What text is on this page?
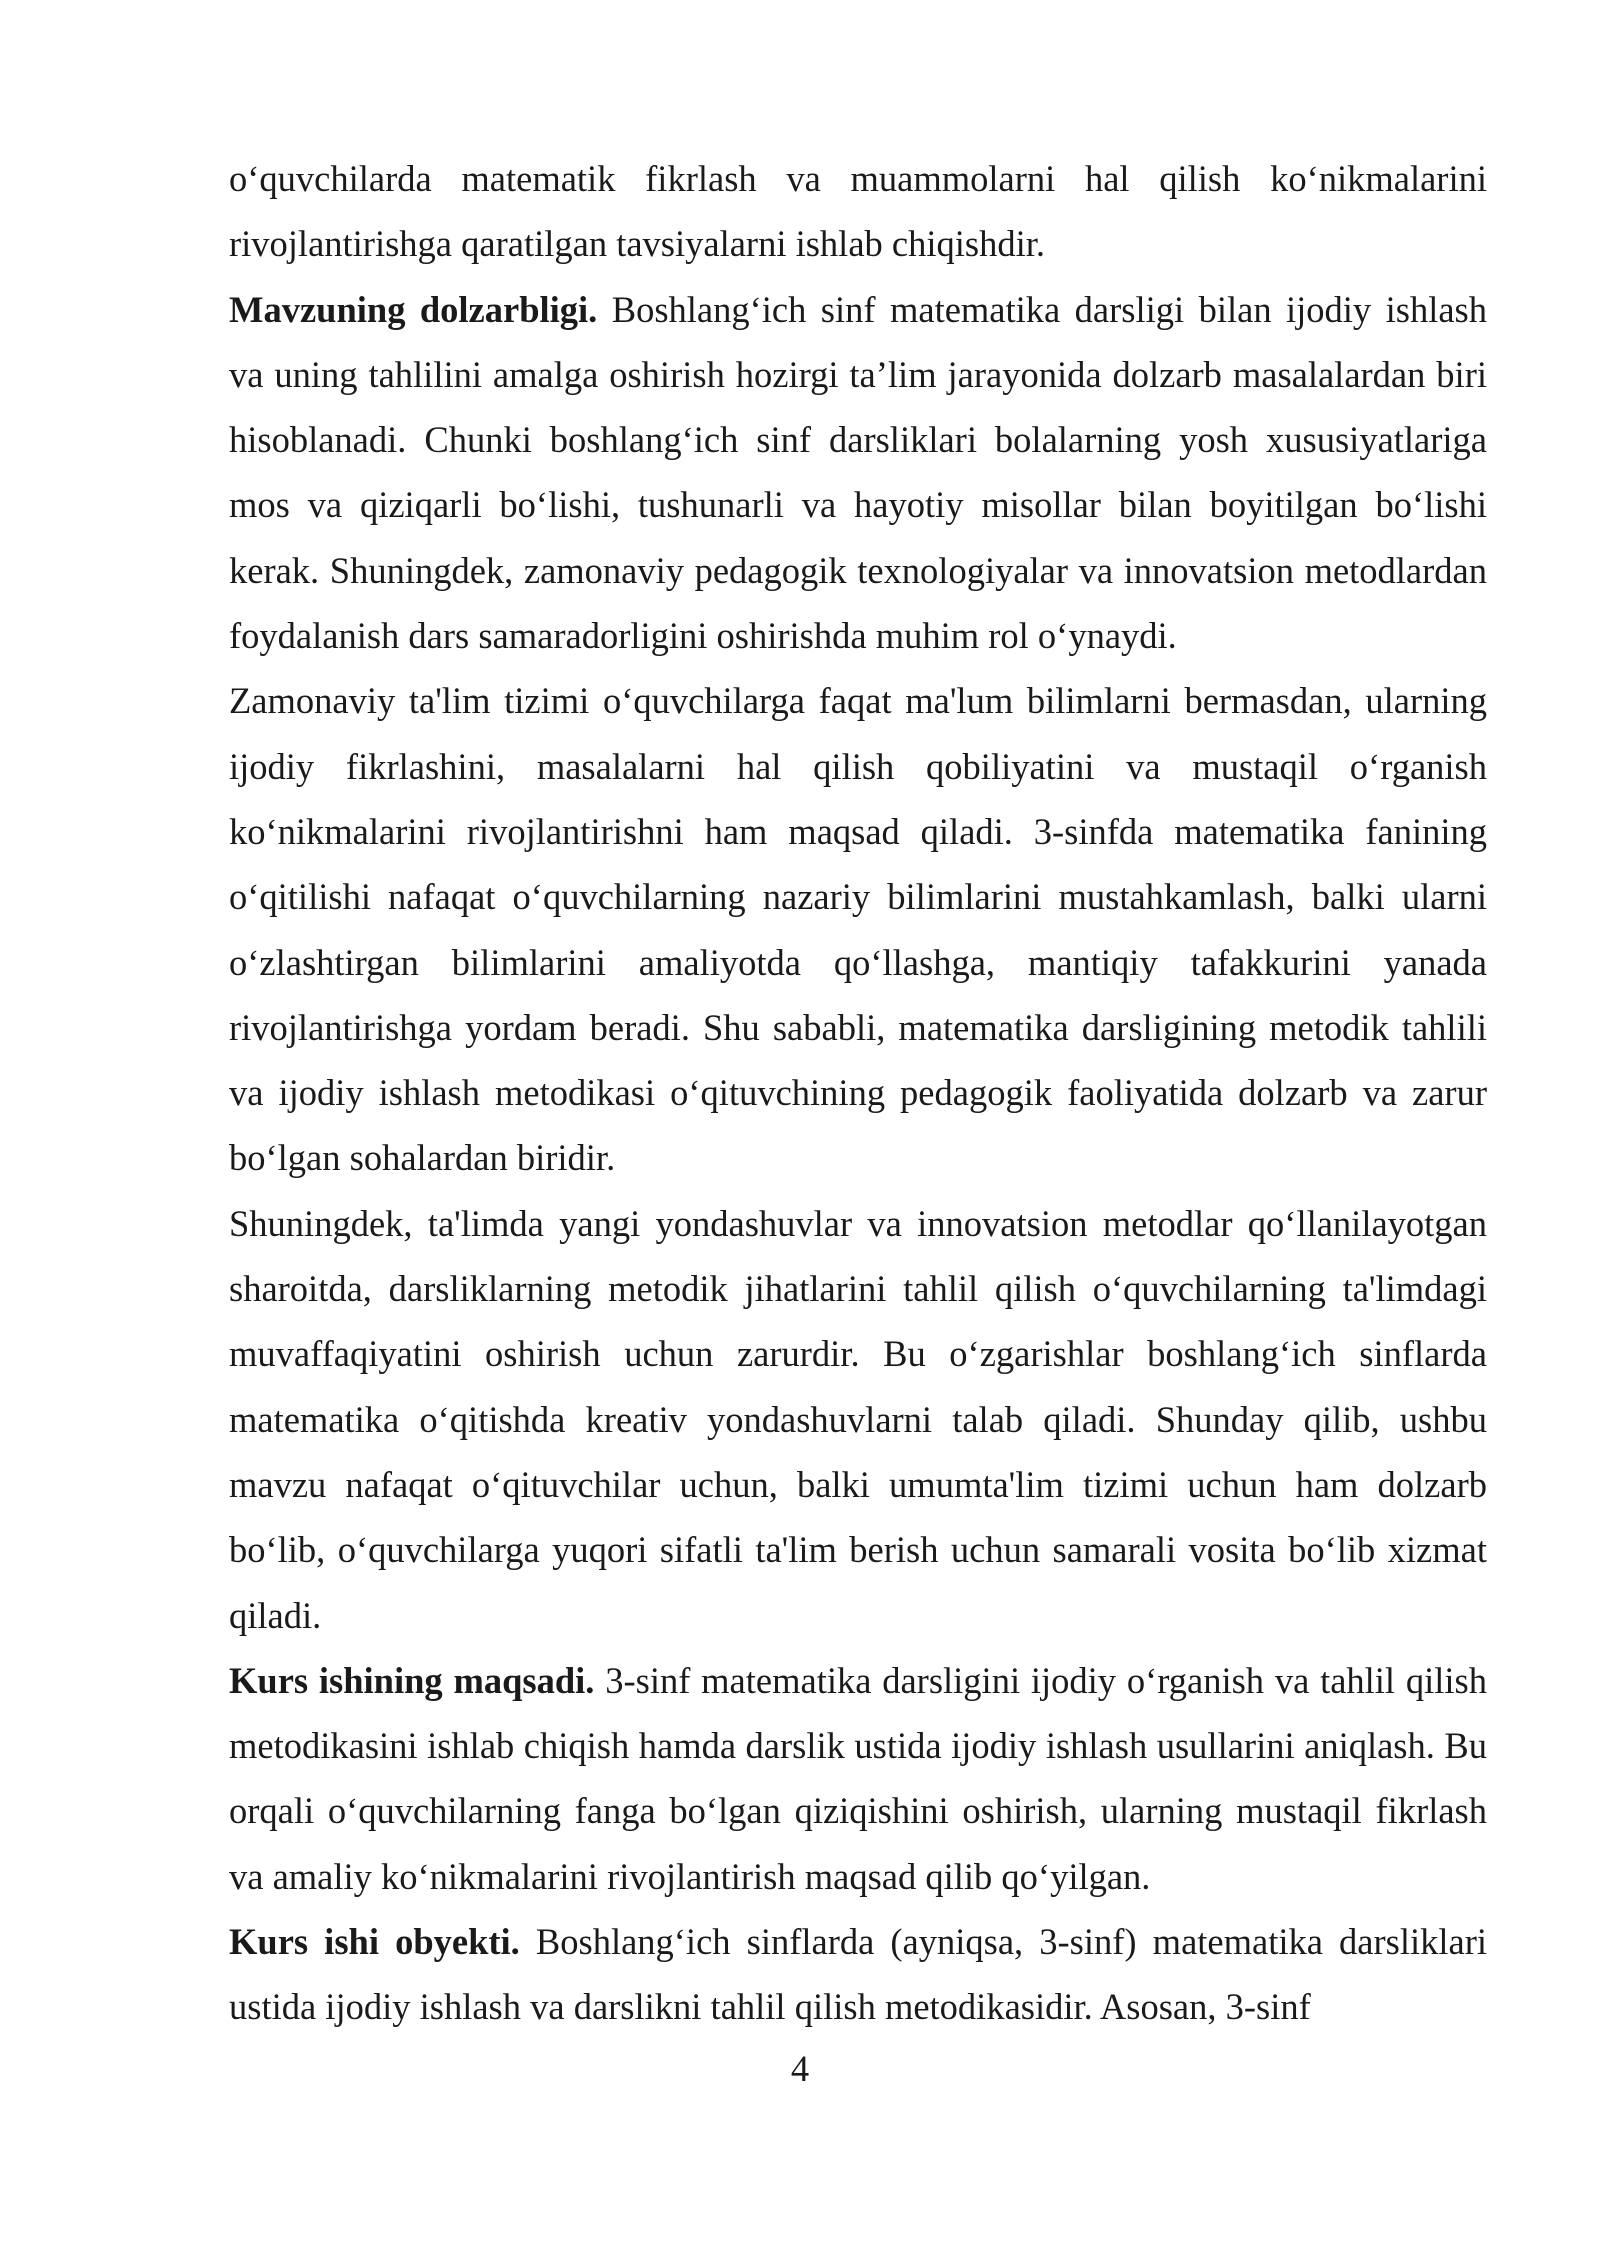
o‘quvchilarda matematik fikrlash va muammolarni hal qilish ko‘nikmalarini rivojlantirishga qaratilgan tavsiyalarni ishlab chiqishdir.

Mavzuning dolzarbligi. Boshlang‘ich sinf matematika darsligi bilan ijodiy ishlash va uning tahlilini amalga oshirish hozirgi ta’lim jarayonida dolzarb masalalardan biri hisoblanadi. Chunki boshlang‘ich sinf darsliklari bolalarning yosh xususiyatlariga mos va qiziqarli bo‘lishi, tushunarli va hayotiy misollar bilan boyitilgan bo‘lishi kerak. Shuningdek, zamonaviy pedagogik texnologiyalar va innovatsion metodlardan foydalanish dars samaradorligini oshirishda muhim rol o‘ynaydi.

Zamonaviy ta'lim tizimi o‘quvchilarga faqat ma'lum bilimlarni bermasdan, ularning ijodiy fikrlashini, masalalarni hal qilish qobiliyatini va mustaqil o‘rganish ko‘nikmalarini rivojlantirishni ham maqsad qiladi. 3-sinfda matematika fanining o‘qitilishi nafaqat o‘quvchilarning nazariy bilimlarini mustahkamlash, balki ularni o‘zlashtirgan bilimlarini amaliyotda qo‘llashga, mantiqiy tafakkurini yanada rivojlantirishga yordam beradi. Shu sababli, matematika darsligining metodik tahlili va ijodiy ishlash metodikasi o‘qituvchining pedagogik faoliyatida dolzarb va zarur bo‘lgan sohalardan biridir.

Shuningdek, ta'limda yangi yondashuvlar va innovatsion metodlar qo‘llanilayotgan sharoitda, darsliklarning metodik jihatlarini tahlil qilish o‘quvchilarning ta'limdagi muvaffaqiyatini oshirish uchun zarurdir. Bu o‘zgarishlar boshlang‘ich sinflarda matematika o‘qitishda kreativ yondashuvlarni talab qiladi. Shunday qilib, ushbu mavzu nafaqat o‘qituvchilar uchun, balki umumta'lim tizimi uchun ham dolzarb bo‘lib, o‘quvchilarga yuqori sifatli ta'lim berish uchun samarali vosita bo‘lib xizmat qiladi.

Kurs ishining maqsadi. 3-sinf matematika darsligini ijodiy o‘rganish va tahlil qilish metodikasini ishlab chiqish hamda darslik ustida ijodiy ishlash usullarini aniqlash. Bu orqali o‘quvchilarning fanga bo‘lgan qiziqishini oshirish, ularning mustaqil fikrlash va amaliy ko‘nikmalarini rivojlantirish maqsad qilib qo‘yilgan.

Kurs ishi obyekti. Boshlang‘ich sinflarda (ayniqsa, 3-sinf) matematika darsliklari ustida ijodiy ishlash va darslikni tahlil qilish metodikasidir. Asosan, 3-sinf

4
